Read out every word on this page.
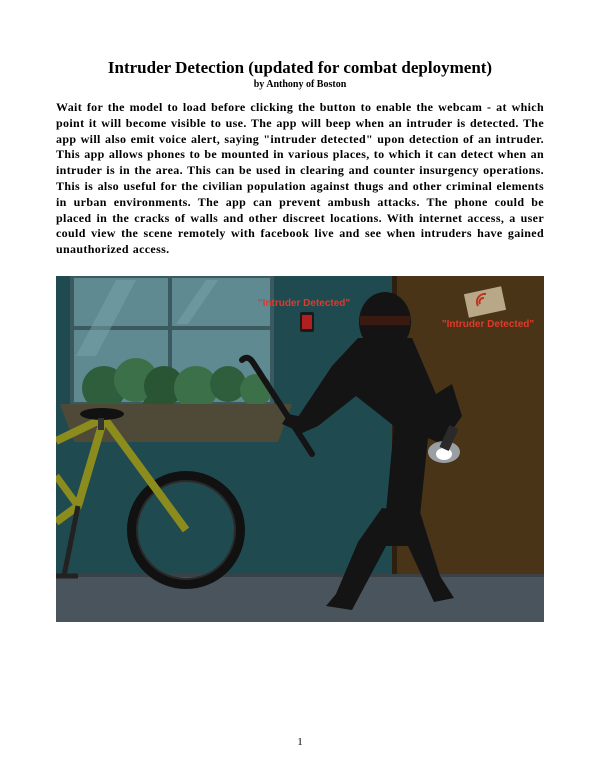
Intruder Detection (updated for combat deployment)
by Anthony of Boston
Wait for the model to load before clicking the button to enable the webcam - at which point it will become visible to use. The app will beep when an intruder is detected. The app will also emit voice alert, saying "intruder detected" upon detection of an intruder. This app allows phones to be mounted in various places, to which it can detect when an intruder is in the area. This can be used in clearing and counter insurgency operations. This is also useful for the civilian population against thugs and other criminal elements in urban environments. The app can prevent ambush attacks. The phone could be placed in the cracks of walls and other discreet locations. With internet access, a user could view the scene remotely with facebook live and see when intruders have gained unauthorized access.
"Intruder Detected"
"Intruder Detected"
1
